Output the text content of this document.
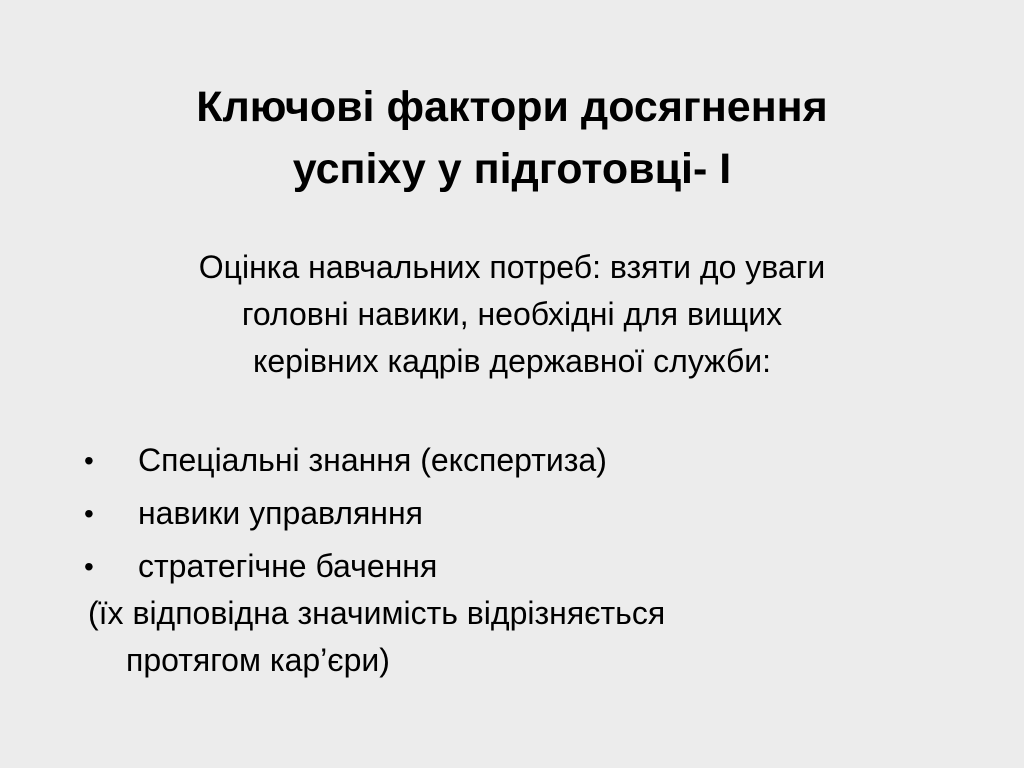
Ключові фактори досягнення
успіху у підготовці- І
Оцінка навчальних потреб: взяти до уваги
головні навики, необхідні для вищих
керівних кадрів державної служби:
•	Спеціальні знання (експертиза)
•	навики управляння
•	стратегічне бачення
(їх відповідна значимість відрізняється
протягом кар’єри)
